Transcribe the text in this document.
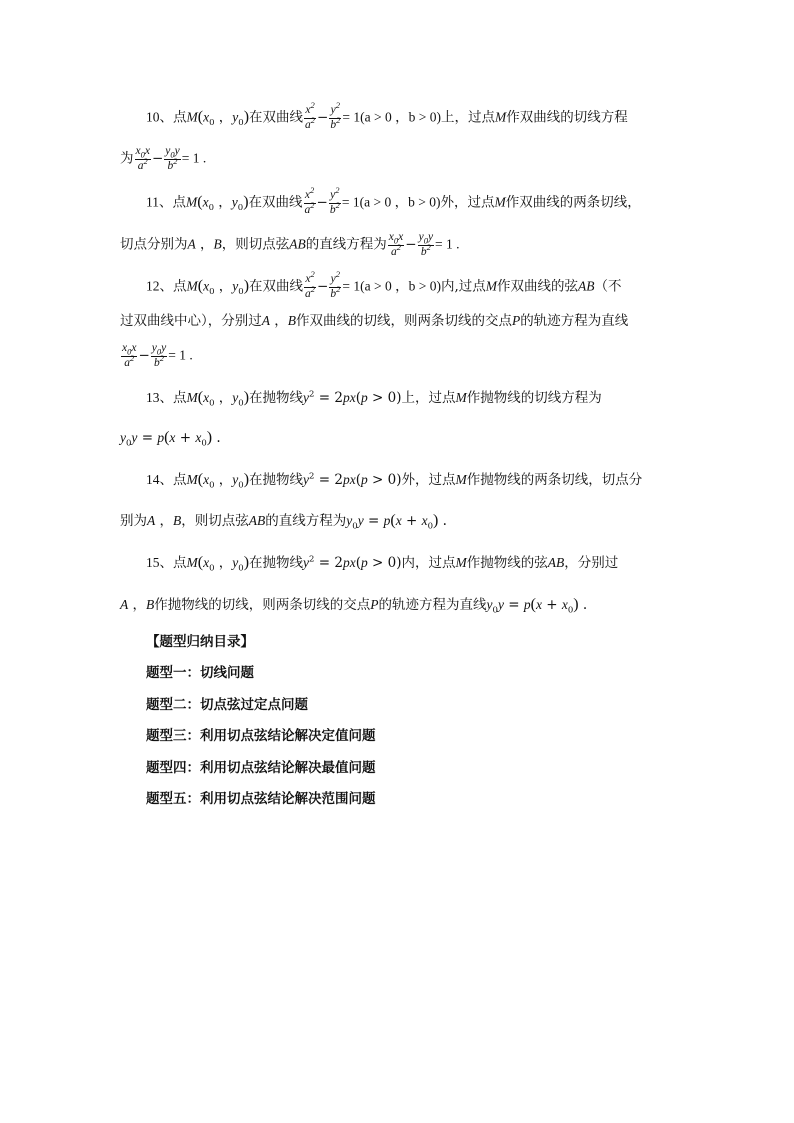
10、点$M(x_0$ ，$y_0$)在双曲线 $\frac{x^2}{a^2} - \frac{y^2}{b^2} = 1(a > 0$ ，b > 0)上，过点M作双曲线的切线方程
为 $\frac{x_0x}{a^2} - \frac{y_0y}{b^2} = 1$ .
11、点$M(x_0$ ，$y_0$)在双曲线 $\frac{x^2}{a^2} - \frac{y^2}{b^2} = 1(a > 0$ ，b > 0)外，过点M作双曲线的两条切线，
切点分别为A ，B，则切点弦AB的直线方程为 $\frac{x_0x}{a^2} - \frac{y_0y}{b^2} = 1$ .
12、点$M(x_0$ ，$y_0$)在双曲线 $\frac{x^2}{a^2} - \frac{y^2}{b^2} = 1(a > 0$ ，b > 0)内,过点M作双曲线的弦AB（不
过双曲线中心），分别过A ，B作双曲线的切线，则两条切线的交点P的轨迹方程为直线
$\frac{x_0x}{a^2} - \frac{y_0y}{b^2} = 1$ .
13、点$M(x_0$ ，$y_0$)在抛物线$y^2 = 2px(p > 0)$上，过点M作抛物线的切线方程为
$y_0y = p(x + x_0)$ .
14、点$M(x_0$ ，$y_0$)在抛物线$y^2 = 2px(p > 0)$外，过点M作抛物线的两条切线，切点分
别为A ，B，则切点弦AB的直线方程为$y_0y = p(x + x_0)$ .
15、点$M(x_0$ ，$y_0$)在抛物线$y^2 = 2px(p > 0)$内，过点M作抛物线的弦AB，分别过
A ，B作抛物线的切线，则两条切线的交点P的轨迹方程为直线$y_0y = p(x + x_0)$ .
【题型归纳目录】
题型一：切线问题
题型二：切点弦过定点问题
题型三：利用切点弦结论解决定值问题
题型四：利用切点弦结论解决最值问题
题型五：利用切点弦结论解决范围问题
